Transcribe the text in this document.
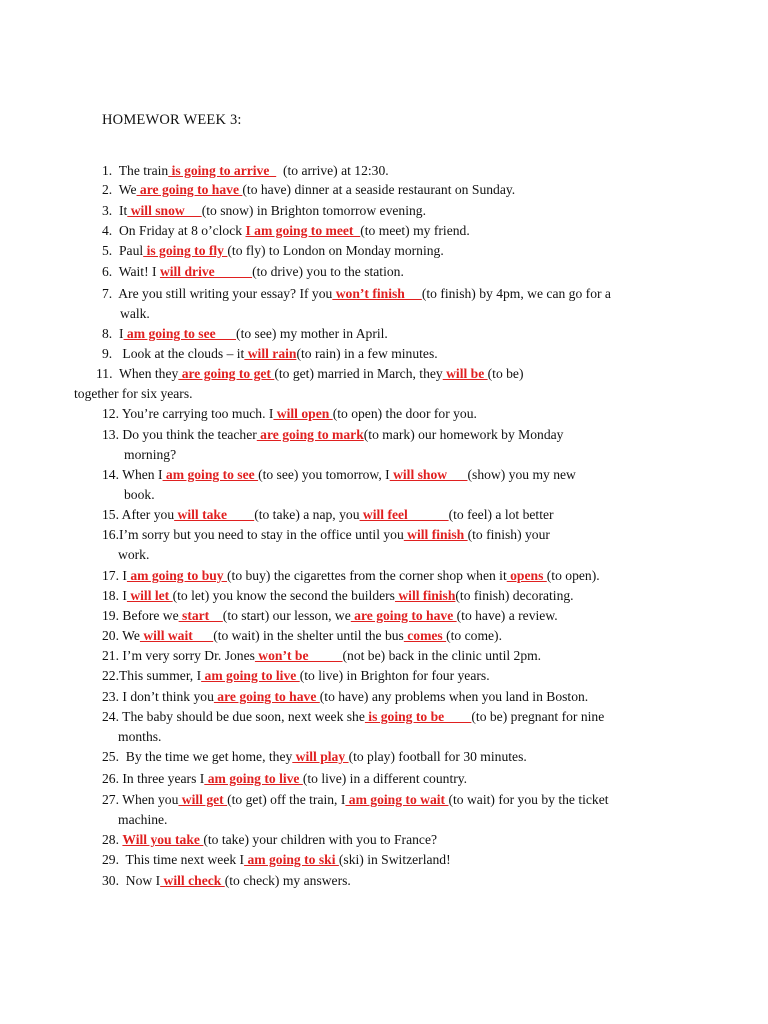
HOMEWOR WEEK 3:
1.  The train is going to arrive    (to arrive) at 12:30.
2.  We are going to have (to have) dinner at a seaside restaurant on Sunday.
3.  It will snow     (to snow) in Brighton tomorrow evening.
4.  On Friday at 8 o’clock I am going to meet  (to meet) my friend.
5.  Paul is going to fly (to fly) to London on Monday morning.
6.  Wait! I will drive           (to drive) you to the station.
7.  Are you still writing your essay? If you won’t finish     (to finish) by 4pm, we can go for a
walk.
8.  I am going to see      (to see) my mother in April.
9.   Look at the clouds – it will rain(to rain) in a few minutes.
11.  When they are going to get (to get) married in March, they will be (to be)
together for six years.
12. You’re carrying too much. I will open (to open) the door for you.
13. Do you think the teacher are going to mark(to mark) our homework by Monday
morning?
14. When I am going to see (to see) you tomorrow, I will show      (show) you my new
book.
15. After you will take        (to take) a nap, you will feel            (to feel) a lot better
16.I’m sorry but you need to stay in the office until you will finish (to finish) your
work.
17. I am going to buy (to buy) the cigarettes from the corner shop when it opens (to open).
18. I will let (to let) you know the second the builders will finish(to finish) decorating.
19. Before we start    (to start) our lesson, we are going to have (to have) a review.
20. We will wait      (to wait) in the shelter until the bus comes (to come).
21. I’m very sorry Dr. Jones won’t be          (not be) back in the clinic until 2pm.
22.This summer, I am going to live (to live) in Brighton for four years.
23. I don’t think you are going to have (to have) any problems when you land in Boston.
24. The baby should be due soon, next week she is going to be        (to be) pregnant for nine
months.
25.  By the time we get home, they will play (to play) football for 30 minutes.
26. In three years I am going to live (to live) in a different country.
27. When you will get (to get) off the train, I am going to wait (to wait) for you by the ticket
machine.
28. Will you take (to take) your children with you to France?
29.  This time next week I am going to ski (ski) in Switzerland!
30.  Now I will check (to check) my answers.
